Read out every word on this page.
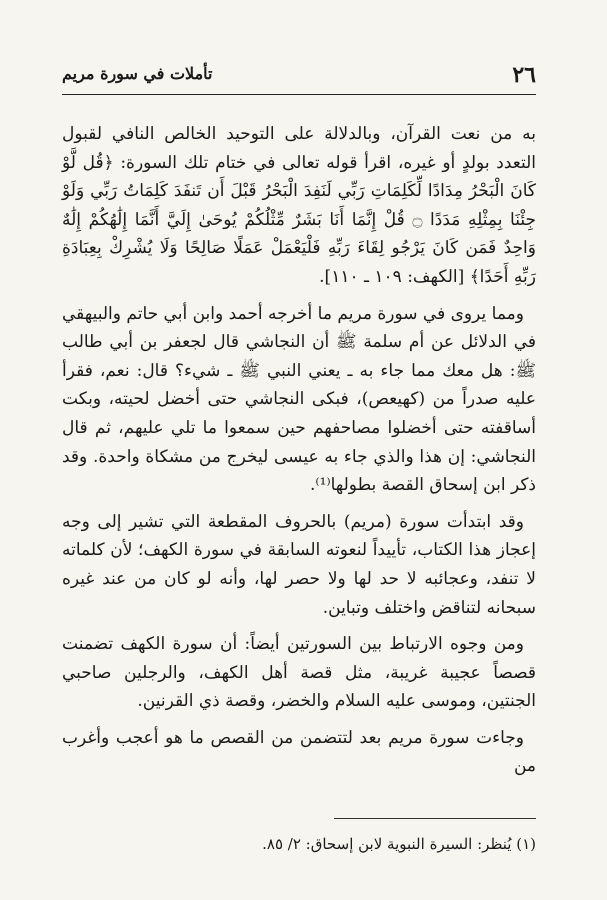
٢٦
تأملات في سورة مريم

به من نعت القرآن، وبالدلالة على التوحيد الخالص النافي لقبول التعدد بولدٍ أو غيره، اقرأ قوله تعالى في ختام تلك السورة: ﴿قُل لَّوْ كَانَ الْبَحْرُ مِدَادًا لِّكَلِمَاتِ رَبِّي لَنَفِدَ الْبَحْرُ قَبْلَ أَن تَنفَدَ كَلِمَاتُ رَبِّي وَلَوْ جِئْنَا بِمِثْلِهِ مَدَدًا ۝ قُلْ إِنَّمَا أَنَا بَشَرٌ مِّثْلُكُمْ يُوحَىٰ إِلَيَّ أَنَّمَا إِلَٰهُكُمْ إِلَٰهٌ وَاحِدٌ فَمَن كَانَ يَرْجُو لِقَاءَ رَبِّهِ فَلْيَعْمَلْ عَمَلًا صَالِحًا وَلَا يُشْرِكْ بِعِبَادَةِ رَبِّهِ أَحَدًا﴾ [الكهف: ١٠٩ ـ ١١٠].

ومما يروى في سورة مريم ما أخرجه أحمد وابن أبي حاتم والبيهقي في الدلائل عن أم سلمة ﷺ أن النجاشي قال لجعفر بن أبي طالب ﷺ: هل معك مما جاء به ـ يعني النبي ﷺ ـ شيء؟ قال: نعم، فقرأ عليه صدراً من (كهيعص)، فبكى النجاشي حتى أخضل لحيته، وبكت أساقفته حتى أخضلوا مصاحفهم حين سمعوا ما تلي عليهم، ثم قال النجاشي: إن هذا والذي جاء به عيسى ليخرج من مشكاة واحدة. وقد ذكر ابن إسحاق القصة بطولها⁽¹⁾.

وقد ابتدأت سورة (مريم) بالحروف المقطعة التي تشير إلى وجه إعجاز هذا الكتاب، تأييداً لنعوته السابقة في سورة الكهف؛ لأن كلماته لا تنفد، وعجائبه لا حد لها ولا حصر لها، وأنه لو كان من عند غيره سبحانه لتناقض واختلف وتباين.

ومن وجوه الارتباط بين السورتين أيضاً: أن سورة الكهف تضمنت قصصاً عجيبة غريبة، مثل قصة أهل الكهف، والرجلين صاحبي الجنتين، وموسى عليه السلام والخضر، وقصة ذي القرنين.

وجاءت سورة مريم بعد لتتضمن من القصص ما هو أعجب وأغرب من

(١) يُنظر: السيرة النبوية لابن إسحاق: ٢/ ٨٥.
